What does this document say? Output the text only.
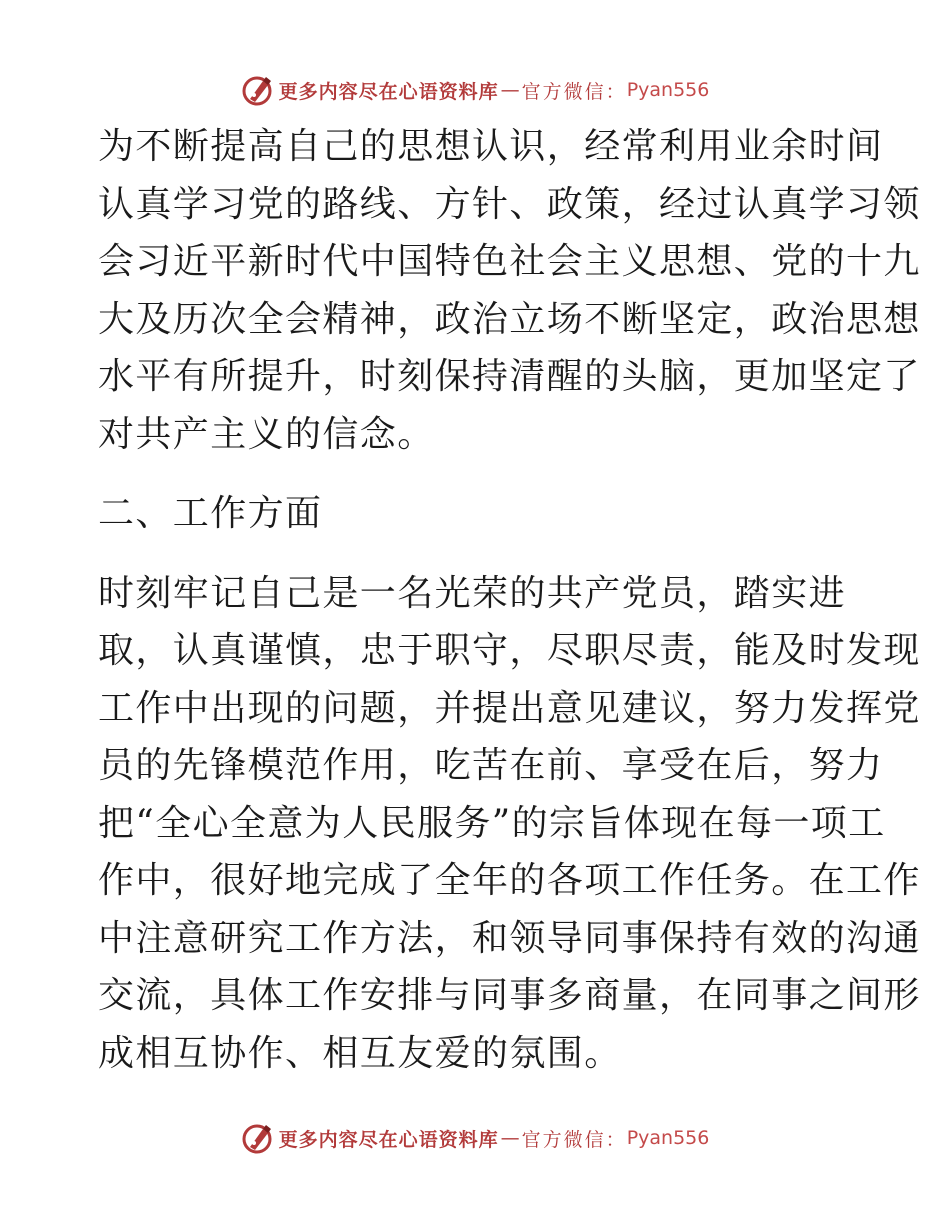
更多内容尽在心语资料库 — 官方微信： Pyan556

为不断提高自己的思想认识，经常利用业余时间
认真学习党的路线、方针、政策，经过认真学习领
会习近平新时代中国特色社会主义思想、党的十九
大及历次全会精神，政治立场不断坚定，政治思想
水平有所提升，时刻保持清醒的头脑，更加坚定了
对共产主义的信念。

二、工作方面

时刻牢记自己是一名光荣的共产党员，踏实进
取，认真谨慎，忠于职守，尽职尽责，能及时发现
工作中出现的问题，并提出意见建议，努力发挥党
员的先锋模范作用，吃苦在前、享受在后，努力
把“全心全意为人民服务”的宗旨体现在每一项工
作中，很好地完成了全年的各项工作任务。在工作
中注意研究工作方法，和领导同事保持有效的沟通
交流，具体工作安排与同事多商量，在同事之间形
成相互协作、相互友爱的氛围。

更多内容尽在心语资料库 — 官方微信： Pyan556
